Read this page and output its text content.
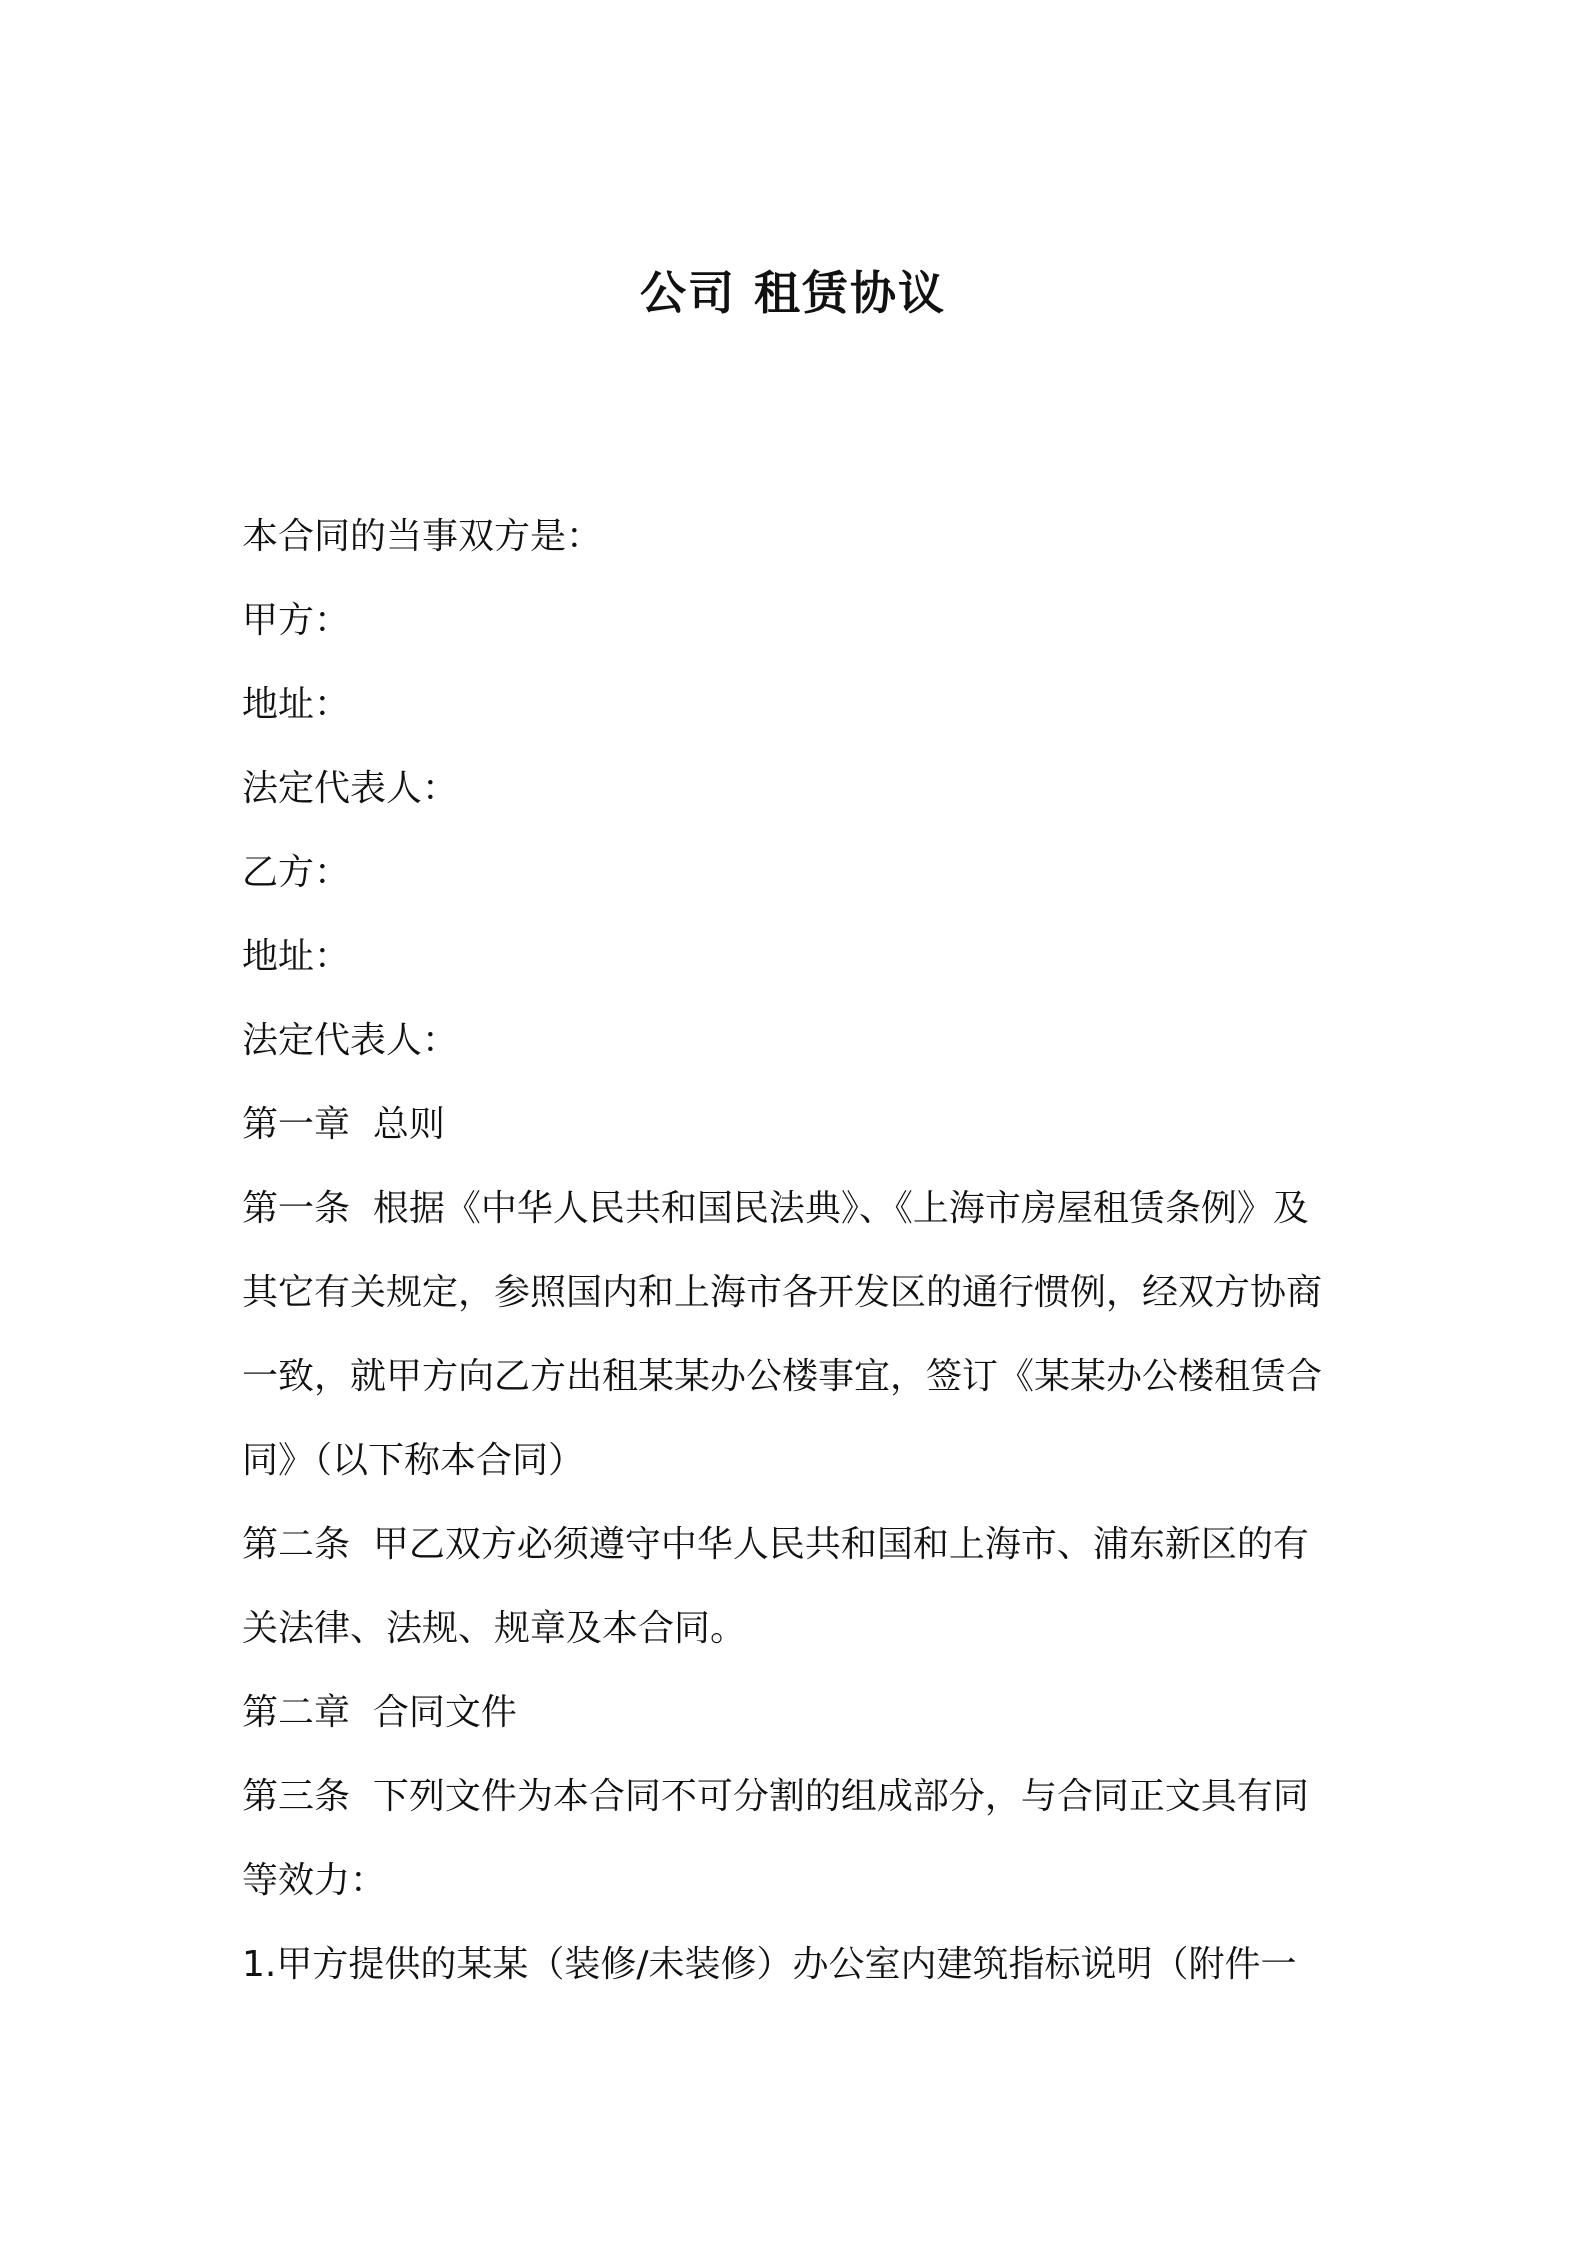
公司 租赁协议

本合同的当事双方是：

甲方：

地址：

法定代表人：

乙方：

地址：

法定代表人：

第一章  总则

第一条  根据《中华人民共和国民法典》、《上海市房屋租赁条例》及
其它有关规定，参照国内和上海市各开发区的通行惯例，经双方协商
一致，就甲方向乙方出租某某办公楼事宜，签订《某某办公楼租赁合
同》（以下称本合同）

第二条  甲乙双方必须遵守中华人民共和国和上海市、浦东新区的有
关法律、法规、规章及本合同。

第二章  合同文件

第三条  下列文件为本合同不可分割的组成部分，与合同正文具有同
等效力：

1.甲方提供的某某（装修/未装修）办公室内建筑指标说明（附件一
